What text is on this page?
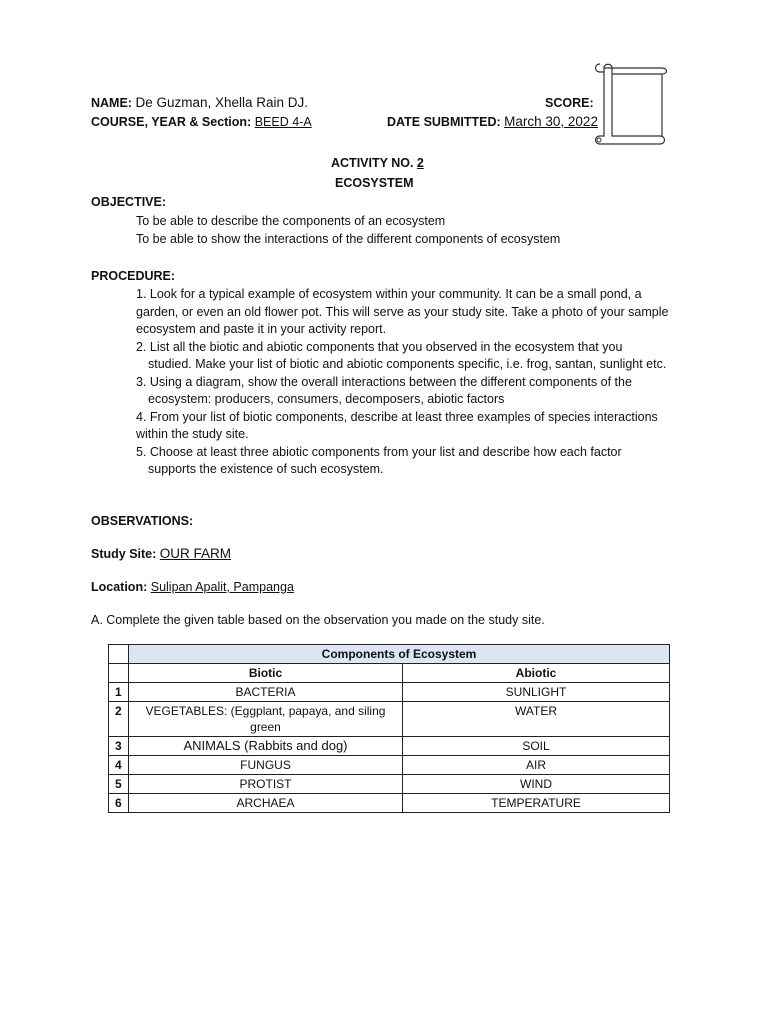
NAME: De Guzman, Xhella Rain DJ.	SCORE:
COURSE, YEAR & Section: BEED 4-A	DATE SUBMITTED: March 30, 2022
ACTIVITY NO. 2
ECOSYSTEM
OBJECTIVE:
To be able to describe the components of an ecosystem
To be able to show the interactions of the different components of ecosystem
PROCEDURE:
1. Look for a typical example of ecosystem within your community. It can be a small pond, a
garden, or even an old flower pot. This will serve as your study site. Take a photo of your sample
ecosystem and paste it in your activity report.
2. List all the biotic and abiotic components that you observed in the ecosystem that you
studied. Make your list of biotic and abiotic components specific, i.e. frog, santan, sunlight etc.
3. Using a diagram, show the overall interactions between the different components of the
ecosystem: producers, consumers, decomposers, abiotic factors
4. From your list of biotic components, describe at least three examples of species interactions
within the study site.
5. Choose at least three abiotic components from your list and describe how each factor
supports the existence of such ecosystem.
OBSERVATIONS:
Study Site: OUR FARM
Location: Sulipan Apalit, Pampanga
A. Complete the given table based on the observation you made on the study site.
	Components of Ecosystem	
	Biotic	Abiotic
1	BACTERIA	SUNLIGHT
2	VEGETABLES: (Eggplant, papaya, and siling green	WATER
3	ANIMALS (Rabbits and dog)	SOIL
4	FUNGUS	AIR
5	PROTIST	WIND
6	ARCHAEA	TEMPERATURE
